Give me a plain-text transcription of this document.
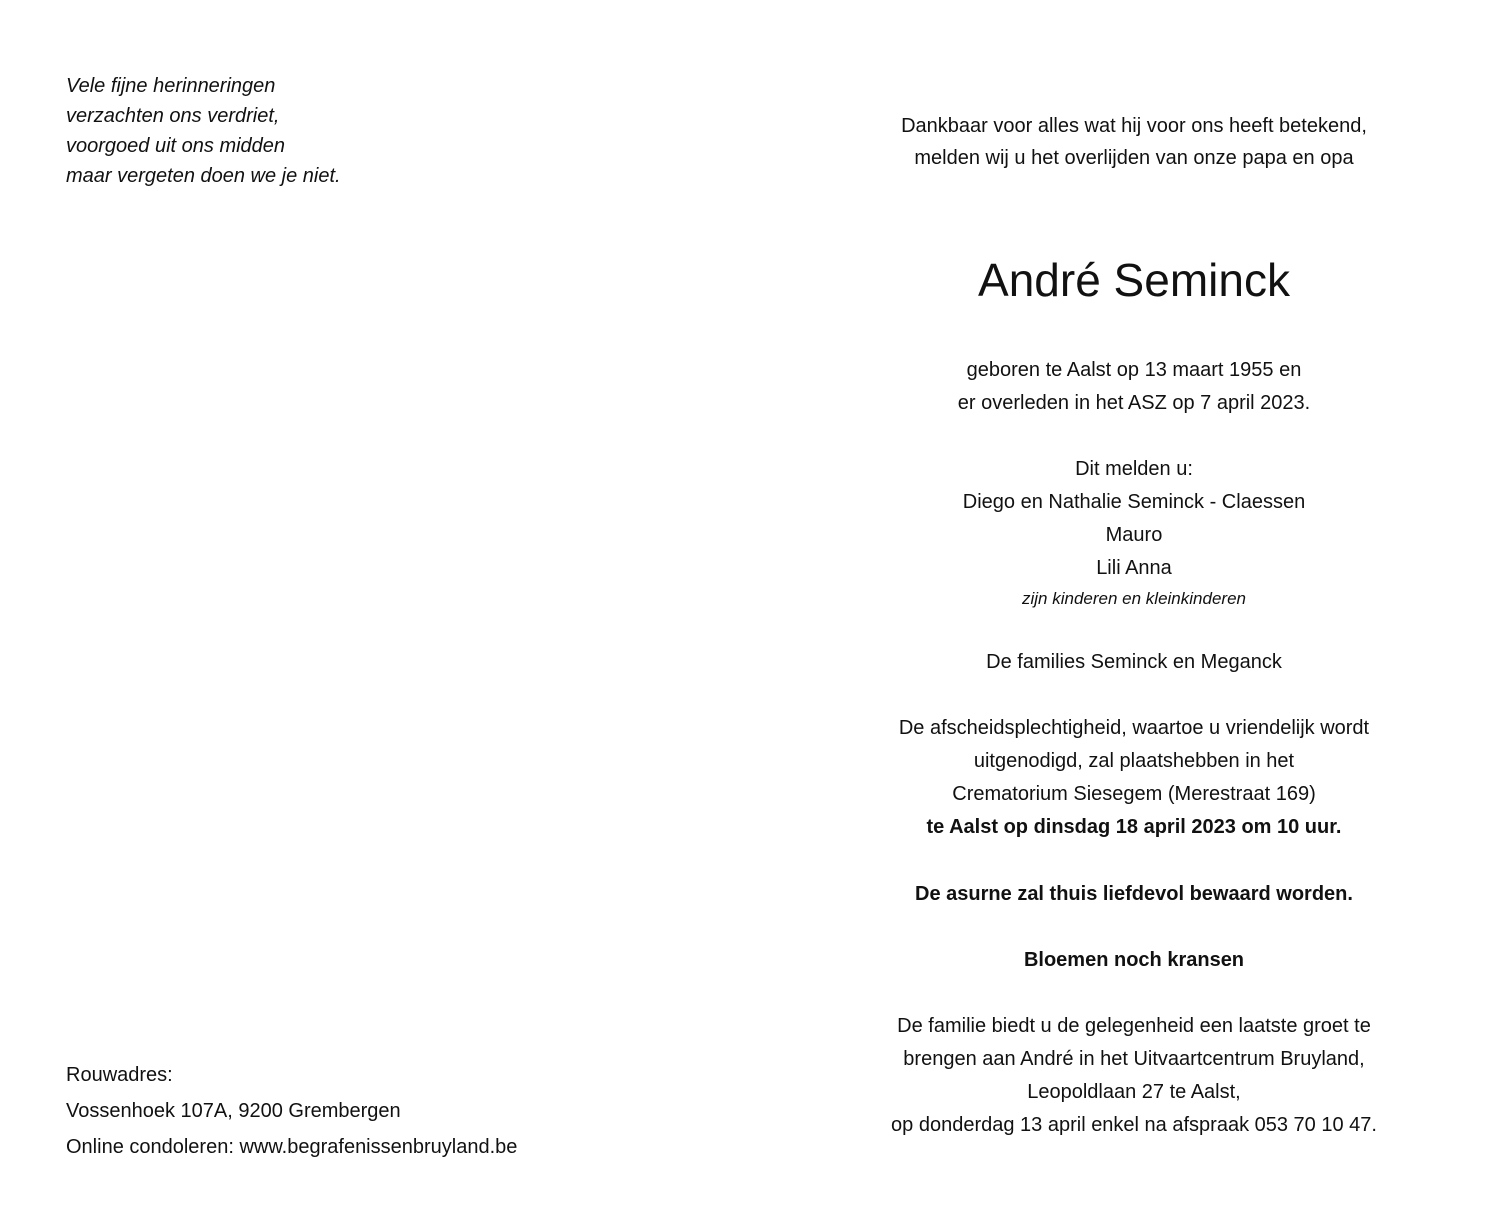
Vele fijne herinneringen
verzachten ons verdriet,
voorgoed uit ons midden
maar vergeten doen we je niet.
Rouwadres:
Vossenhoek 107A, 9200 Grembergen
Online condoleren: www.begrafenissenbruyland.be
Dankbaar voor alles wat hij voor ons heeft betekend,
melden wij u het overlijden van onze papa en opa
André Seminck
geboren te Aalst op 13 maart 1955 en
er overleden in het ASZ op 7 april 2023.
Dit melden u:
Diego en Nathalie Seminck - Claessen
Mauro
Lili Anna
zijn kinderen en kleinkinderen
De families Seminck en Meganck
De afscheidsplechtigheid, waartoe u vriendelijk wordt
uitgenodigd, zal plaatshebben in het
Crematorium Siesegem (Merestraat 169)
te Aalst op dinsdag 18 april 2023 om 10 uur.
De asurne zal thuis liefdevol bewaard worden.
Bloemen noch kransen
De familie biedt u de gelegenheid een laatste groet te
brengen aan André in het Uitvaartcentrum Bruyland,
Leopoldlaan 27 te Aalst,
op donderdag 13 april enkel na afspraak 053 70 10 47.
